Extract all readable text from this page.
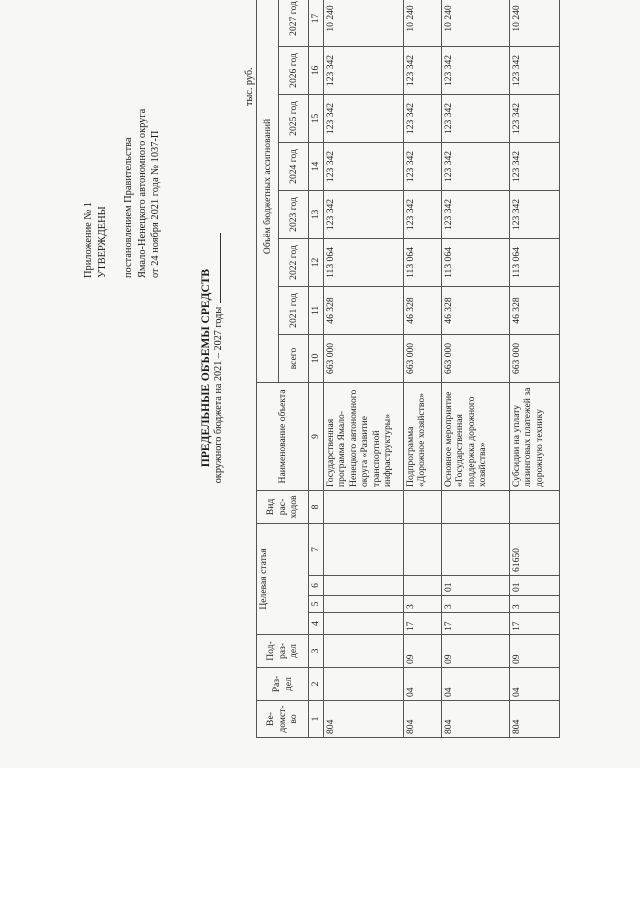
Приложение № 1 УТВЕРЖДЕНЫ постановлением Правительства Ямало-Ненецкого автономного округа от 24 ноября 2021 года № 1037-П
ПРЕДЕЛЬНЫЕ ОБЪЕМЫ СРЕДСТВ окружного бюджета на 2021 – 2027 годы
тыс. руб.
Ве-домст-во	Раз-дел	Под-раз-дел	Целевая статья				Вид рас-ходов	Наименование объекта	Объём бюджетных ассигнований							
									всего	2021 год	2022 год	2023 год	2024 год	2025 год	2026 год	2027 год
1	2	3	4	5	6	7	8	9	10	11	12	13	14	15	16	17
804								Государственная программа Ямало-Ненецкого автономного округа «Развитие транспортной инфраструктуры»	663 000	46 328	113 064	123 342	123 342	123 342	123 342	10 240
804	04	09	17	3				Подпрограмма «Дорожное хозяйство»	663 000	46 328	113 064	123 342	123 342	123 342	123 342	10 240
804	04	09	17	3	01			Основное мероприятие «Государственная поддержка дорожного хозяйства»	663 000	46 328	113 064	123 342	123 342	123 342	123 342	10 240
804	04	09	17	3	01	61650		Субсидии на уплату лизинговых платежей за дорожную технику	663 000	46 328	113 064	123 342	123 342	123 342	123 342	10 240
